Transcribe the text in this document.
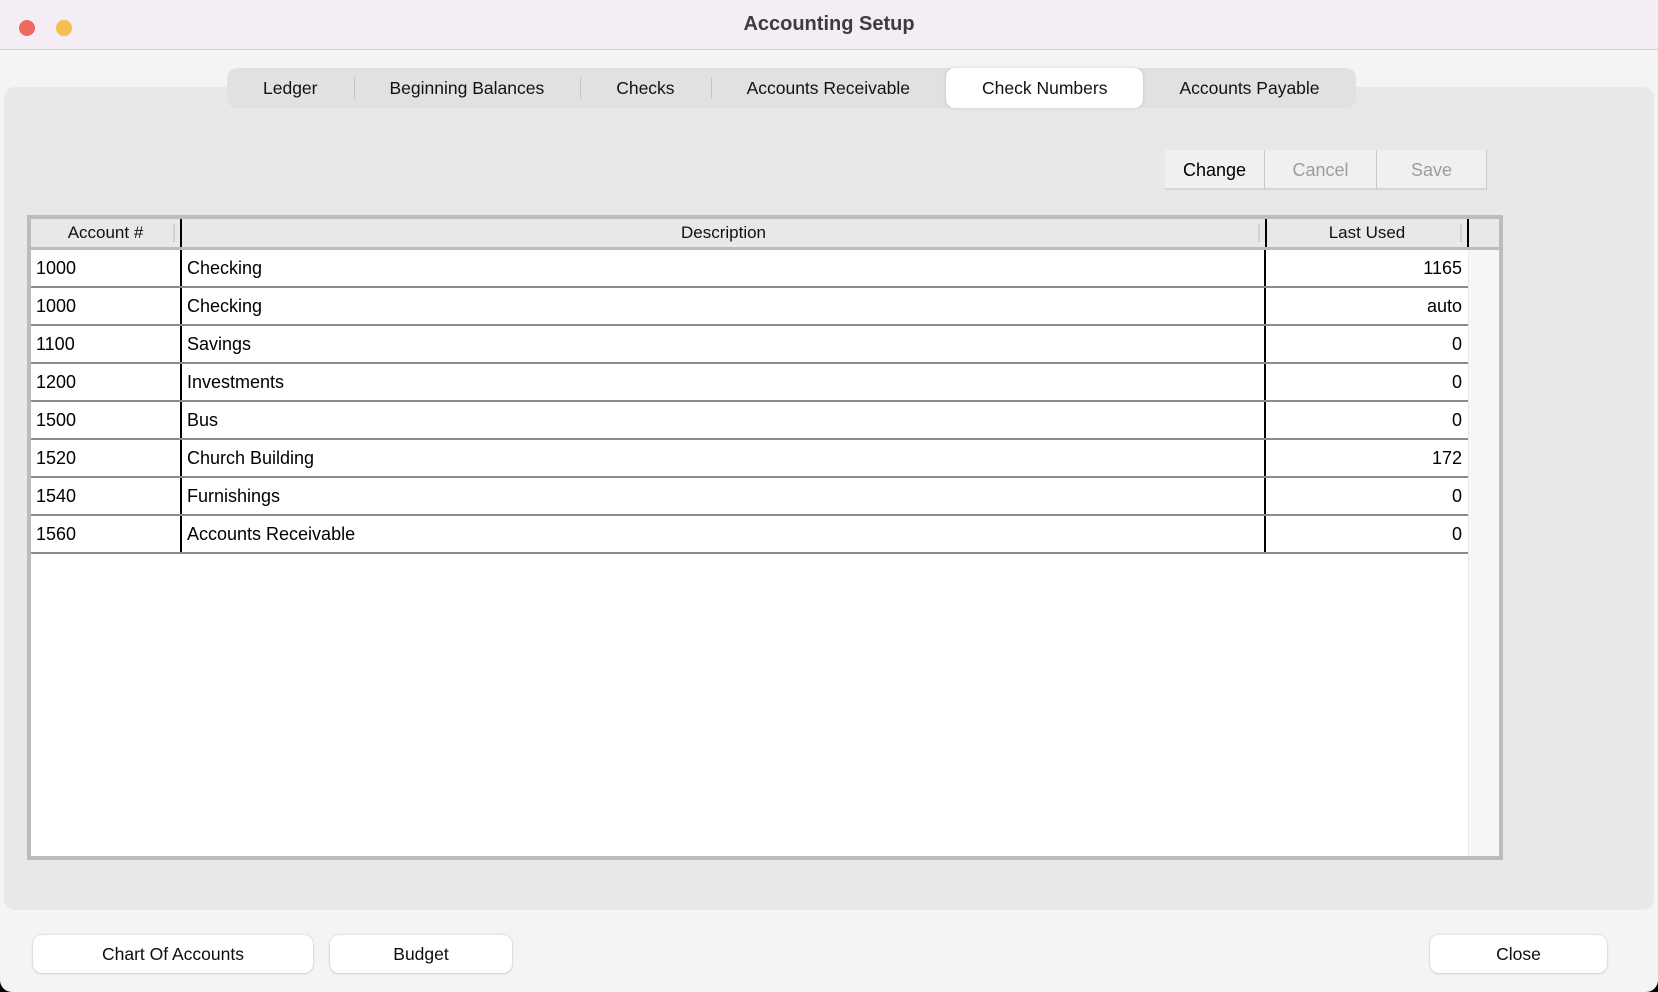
Accounting Setup
Ledger	Beginning Balances	Checks	Accounts Receivable	Check Numbers	Accounts Payable
Change	Cancel	Save
Account #	Description	Last Used
1000	Checking	1165
1000	Checking	auto
1100	Savings	0
1200	Investments	0
1500	Bus	0
1520	Church Building	172
1540	Furnishings	0
1560	Accounts Receivable	0
Chart Of Accounts	Budget	Close
